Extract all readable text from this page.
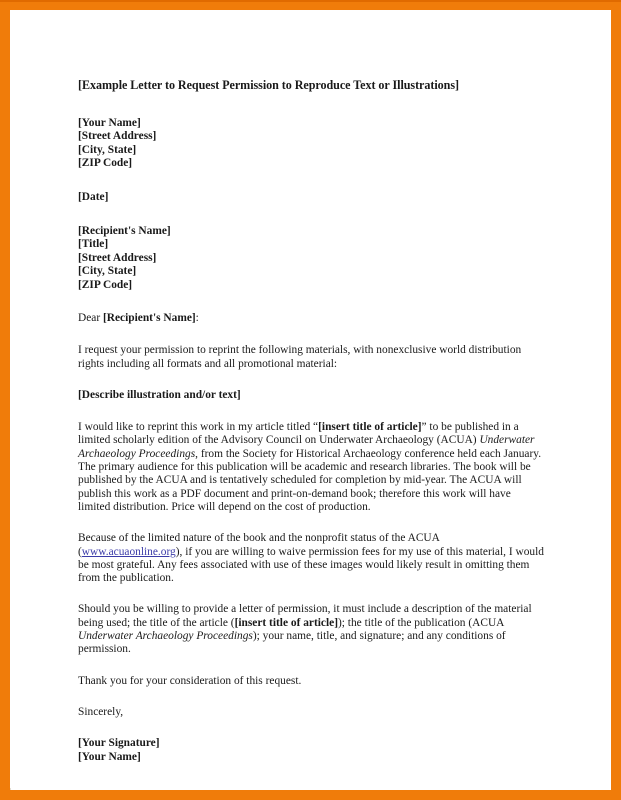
[Example Letter to Request Permission to Reproduce Text or Illustrations]
[Your Name]
[Street Address]
[City, State]
[ZIP Code]
[Date]
[Recipient's Name]
[Title]
[Street Address]
[City, State]
[ZIP Code]
Dear [Recipient's Name]:

I request your permission to reprint the following materials, with nonexclusive world distribution rights including all formats and all promotional material:

[Describe illustration and/or text]

I would like to reprint this work in my article titled “[insert title of article]” to be published in a limited scholarly edition of the Advisory Council on Underwater Archaeology (ACUA) Underwater Archaeology Proceedings, from the Society for Historical Archaeology conference held each January. The primary audience for this publication will be academic and research libraries. The book will be published by the ACUA and is tentatively scheduled for completion by mid-year. The ACUA will publish this work as a PDF document and print-on-demand book; therefore this work will have limited distribution. Price will depend on the cost of production.

Because of the limited nature of the book and the nonprofit status of the ACUA (www.acuaonline.org), if you are willing to waive permission fees for my use of this material, I would be most grateful. Any fees associated with use of these images would likely result in omitting them from the publication.

Should you be willing to provide a letter of permission, it must include a description of the material being used; the title of the article ([insert title of article]); the title of the publication (ACUA Underwater Archaeology Proceedings); your name, title, and signature; and any conditions of permission.

Thank you for your consideration of this request.

Sincerely,
[Your Signature]
[Your Name]
